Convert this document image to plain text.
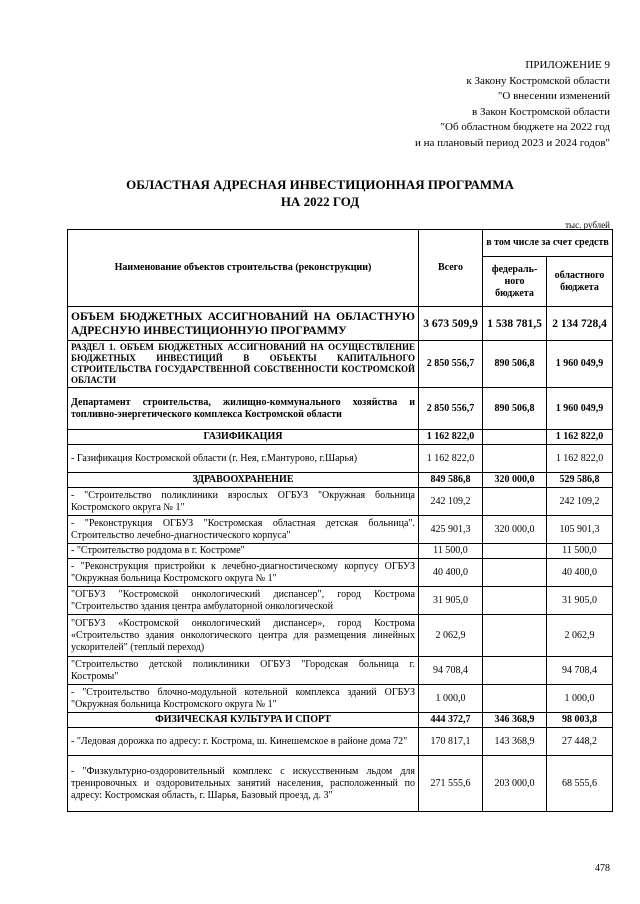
ПРИЛОЖЕНИЕ 9
к Закону Костромской области
"О внесении изменений
в Закон Костромской области
"Об областном бюджете на 2022 год
и на плановый период 2023 и 2024 годов"
ОБЛАСТНАЯ АДРЕСНАЯ ИНВЕСТИЦИОННАЯ ПРОГРАММА
НА 2022 ГОД
тыс. рублей
Наименование объектов строительства (реконструкции)	Всего	в том числе за счет средств	
		федераль-ного бюджета	областного бюджета
ОБЪЕМ БЮДЖЕТНЫХ АССИГНОВАНИЙ НА ОБЛАСТНУЮ АДРЕСНУЮ ИНВЕСТИЦИОННУЮ ПРОГРАММУ	3 673 509,9	1 538 781,5	2 134 728,4
РАЗДЕЛ 1. ОБЪЕМ БЮДЖЕТНЫХ АССИГНОВАНИЙ НА ОСУЩЕСТВЛЕНИЕ БЮДЖЕТНЫХ ИНВЕСТИЦИЙ В ОБЪЕКТЫ КАПИТАЛЬНОГО СТРОИТЕЛЬСТВА ГОСУДАРСТВЕННОЙ СОБСТВЕННОСТИ КОСТРОМСКОЙ ОБЛАСТИ	2 850 556,7	890 506,8	1 960 049,9
Департамент строительства, жилищно-коммунального хозяйства и топливно-энергетического комплекса Костромской области	2 850 556,7	890 506,8	1 960 049,9
ГАЗИФИКАЦИЯ	1 162 822,0		1 162 822,0
- Газификация Костромской области (г. Нея, г.Мантурово, г.Шарья)	1 162 822,0		1 162 822,0
ЗДРАВООХРАНЕНИЕ	849 586,8	320 000,0	529 586,8
- "Строительство поликлиники взрослых ОГБУЗ "Окружная больница Костромского округа № 1"	242 109,2		242 109,2
- "Реконструкция ОГБУЗ "Костромская областная детская больница". Строительство лечебно-диагностического корпуса"	425 901,3	320 000,0	105 901,3
- "Строительство роддома в г. Костроме"	11 500,0		11 500,0
- "Реконструкция пристройки к лечебно-диагностическому корпусу ОГБУЗ "Окружная больница Костромского округа № 1"	40 400,0		40 400,0
"ОГБУЗ "Костромской онкологический диспансер", город Кострома "Строительство здания центра амбулаторной онкологической	31 905,0		31 905,0
"ОГБУЗ «Костромской онкологический диспансер», город Кострома «Строительство здания онкологического центра для размещения линейных ускорителей" (теплый переход)	2 062,9		2 062,9
"Строительство детской поликлиники ОГБУЗ "Городская больница г. Костромы"	94 708,4		94 708,4
- "Строительство блочно-модульной котельной комплекса зданий ОГБУЗ "Окружная больница Костромского округа № 1"	1 000,0		1 000,0
ФИЗИЧЕСКАЯ КУЛЬТУРА И СПОРТ	444 372,7	346 368,9	98 003,8
- "Ледовая дорожка по адресу: г. Кострома, ш. Кинешемское в районе дома 72"	170 817,1	143 368,9	27 448,2
- "Физкультурно-оздоровительный комплекс с искусственным льдом для тренировочных и оздоровительных занятий населения, расположенный по адресу: Костромская область, г. Шарья, Базовый проезд, д. 3"	271 555,6	203 000,0	68 555,6
478
